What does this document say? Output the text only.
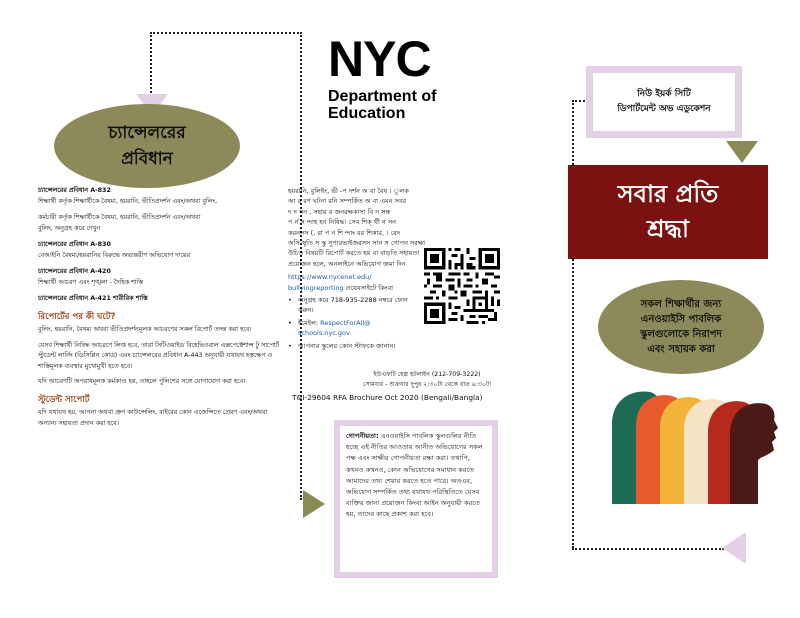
চ্যান্সেলরের
প্রবিধান
চ্যান্সেলরের প্রবিধান A-832
শিক্ষার্থী কর্তৃক শিক্ষার্থীকে বৈষম্য, হয়রানি, ভীতিপ্রদর্শন এবং/অথবা বুলিং,
কর্মচারী কর্তৃক শিক্ষার্থীকে বৈষম্য, হয়রানি, ভীতিপ্রদর্শন এবং/অথবা
বুলিং, অনুগ্রহ করে দেখুন
চ্যান্সেলরের প্রবিধান A-830
বেআইনি বৈষম্য/হয়রানির বিরুদ্ধে অভ্যন্তরীণ অভিযোগ দায়ের
চ্যান্সেলরের প্রবিধান A-420
শিক্ষার্থী আচরণ এবং শৃঙ্খলা - দৈহিক শাস্তি
চ্যান্সেলরের প্রবিধান A-421 শারীরিক শাস্তি
রিপোর্টের পর কী ঘটে?
বুলিং, হয়রানি, বৈষম্য অথবা ভীতিপ্রদর্শনমূলক আচরণের সকল রিপোর্ট তদন্ত করা হবে।
যেসব শিক্ষার্থী নিষিদ্ধ আচরণে লিপ্ত হবে, তারা সিটিওয়াইড বিহেভিওরাল এক্সপেক্টেশান্স টু সাপোর্ট স্টুডেন্ট লার্নিং (ডিসিপ্লিন কোড) এবং চ্যান্সেলরের প্রবিধান A-443 অনুযায়ী যথাযথ হস্তক্ষেপ ও শাস্তিমূলক ব্যবস্থার মুখোমুখী হতে হবে।
যদি আচরণটি অপরাধমূলক কর্মকাণ্ড হয়, তাহলে পুলিশের সঙ্গে যোগাযোগ করা হবে।
স্টুডেন্ট সাপোর্ট
যদি যথাযথ হয়, আপনা অথবা গ্রুপ কাউন্সেলিং, বাইরের কোন এজেন্সিতে প্রেরণ এবং/অথবা অন্যান্য সহায়তা প্রদান করা হবে।
NYC
Department of
Education
হয়রানি, বুলিইং, ভী -প দর্শন অ বা বৈষ । ূলক
আ র রণ ঘটনা রনি সম্পর্কিত অ বা এমন সবর
দ দ সন , সহায় র জনরক্ষকাসা বি ন সন্ধ
প র্ন স ন্দাহ হব নিষিদ্ধ। সেব শিক্ র্থী ন সন
করনসস (, রা প ন শি ন্দাং রর শিকার, । রেদ
অসি স্থৃতি স স্কু সুপারভাইজরসস সান স গোপন সরক্ষা
উচিত বিষয়টি রিপোর্ট করতে হয় বা বাড়তি সহায়তা প্রয়োজন হলে, অনলাইনে অভিযোগ জমা দিন
https://www.nycenet.edu/
bullyingreporting ওয়েবসাইটে কিংবা
• অনুগ্রহ করে 718-935-2288 নম্বরে ফোন করুন।
• ইমেইল: RespectForAll@
schools.nyc.gov
• আপনার স্কুলের কোন স্টাফকে জানান।
ইউএফটি হেল্প হটলাইন (212-709-3222)
সোমবার - শুক্রবার দুপুর ২:৩০টা থেকে রাত ৯:৩০টা
T&I-29604 RFA Brochure Oct 2020 (Bengali/Bangla)
গোপনীয়তা: এনওয়াইসি পাবলিক স্কুলগুলির নীতি হচ্ছে এই নীতির আওতায় আনীত অভিযোগের সকল পক্ষ এবং সাক্ষীর গোপনীয়তা রক্ষা করা। তথাপি, কখনও কখনও, কোন অভিযোগের সমাধান করতে আমাদের তথ্য শেয়ার করতে হতে পারে। অতএব, অভিযোগ সম্পর্কিত তথ্য যথাযথ পরিস্থিতিতে যেসব ব্যক্তির জানা প্রয়োজন কিংবা আইন অনুযায়ী করতে হয়, তাদের কাছে প্রকাশ করা হবে।
নিউ ইয়র্ক সিটি
ডিপার্টমেন্ট অভ এডুকেশন
সবার প্রতি
শ্রদ্ধা
সকল শিক্ষার্থীর জন্য
এনওয়াইসি পাবলিক
স্কুলগুলোকে নিরাপদ
এবং সহায়ক করা
